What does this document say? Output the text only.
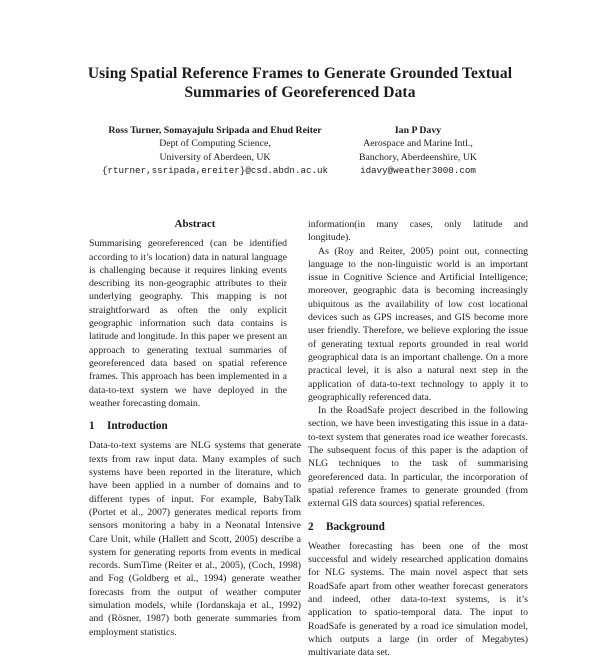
Using Spatial Reference Frames to Generate Grounded Textual
Summaries of Georeferenced Data
Ross Turner, Somayajulu Sripada and Ehud Reiter
Dept of Computing Science,
University of Aberdeen, UK
{rturner,ssripada,ereiter}@csd.abdn.ac.uk
Ian P Davy
Aerospace and Marine Intl.,
Banchory, Aberdeenshire, UK
idavy@weather3000.com
Abstract

Summarising georeferenced (can be identified according to it’s location) data in natural language is challenging because it requires linking events describing its non-geographic attributes to their underlying geography. This mapping is not straightforward as often the only explicit geographic information such data contains is latitude and longitude. In this paper we present an approach to generating textual summaries of georeferenced data based on spatial reference frames. This approach has been implemented in a data-to-text system we have deployed in the weather forecasting domain.

1 Introduction

Data-to-text systems are NLG systems that generate texts from raw input data. Many examples of such systems have been reported in the literature, which have been applied in a number of domains and to different types of input. For example, BabyTalk (Portet et al., 2007) generates medical reports from sensors monitoring a baby in a Neonatal Intensive Care Unit, while (Hallett and Scott, 2005) describe a system for generating reports from events in medical records. SumTime (Reiter et al., 2005), (Coch, 1998) and Fog (Goldberg et al., 1994) generate weather forecasts from the output of weather computer simulation models, while (Iordanskaja et al., 1992) and (Rösner, 1987) both generate summaries from employment statistics.

information(in many cases, only latitude and longitude).

As (Roy and Reiter, 2005) point out, connecting language to the non-linguistic world is an important issue in Cognitive Science and Artificial Intelligence; moreover, geographic data is becoming increasingly ubiquitous as the availability of low cost locational devices such as GPS increases, and GIS become more user friendly. Therefore, we believe exploring the issue of generating textual reports grounded in real world geographical data is an important challenge. On a more practical level, it is also a natural next step in the application of data-to-text technology to apply it to geographically referenced data.

In the RoadSafe project described in the following section, we have been investigating this issue in a data-to-text system that generates road ice weather forecasts. The subsequent focus of this paper is the adaption of NLG techniques to the task of summarising georeferenced data. In particular, the incorporation of spatial reference frames to generate grounded (from external GIS data sources) spatial references.

2 Background

Weather forecasting has been one of the most successful and widely researched application domains for NLG systems. The main novel aspect that sets RoadSafe apart from other weather forecast generators and indeed, other data-to-text systems, is it’s application to spatio-temporal data. The input to RoadSafe is generated by a road ice simulation model, which outputs a large (in order of Megabytes) multivariate data set.
